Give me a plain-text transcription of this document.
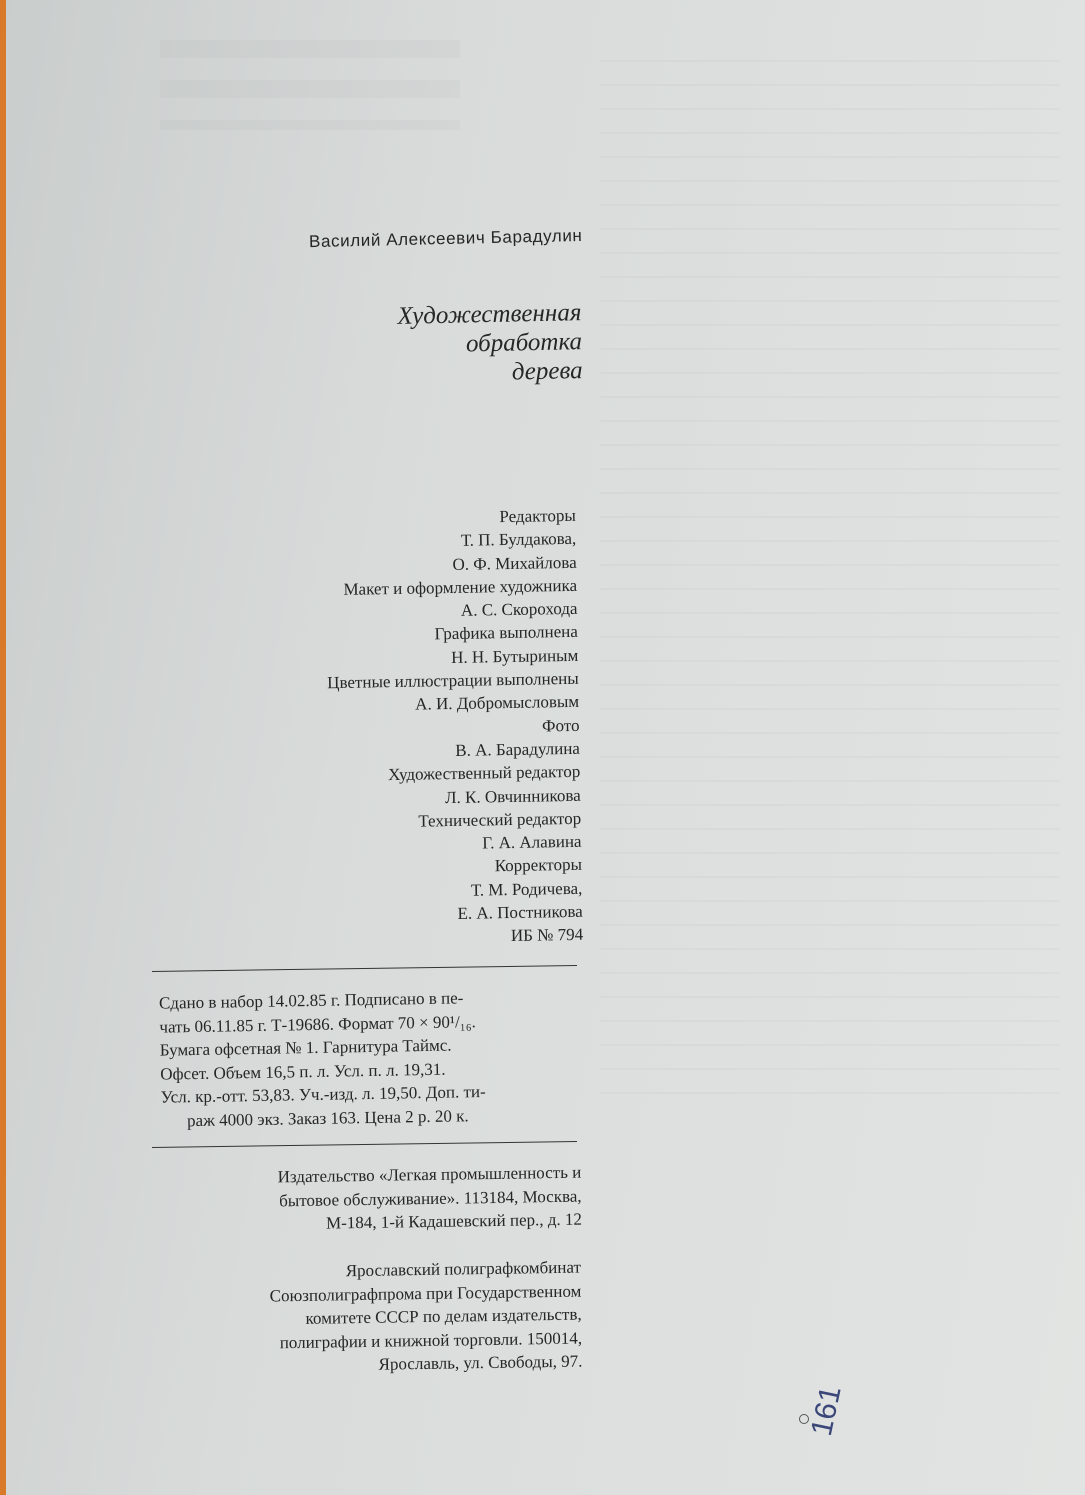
Василий Алексеевич Барадулин
Художественная
обработка
дерева
Редакторы
Т. П. Булдакова,
О. Ф. Михайлова
Макет и оформление художника
А. С. Скорохода
Графика выполнена
Н. Н. Бутыриным
Цветные иллюстрации выполнены
А. И. Добромысловым
Фото
В. А. Барадулина
Художественный редактор
Л. К. Овчинникова
Технический редактор
Г. А. Алавина
Корректоры
Т. М. Родичева,
Е. А. Постникова
ИБ № 794
Сдано в набор 14.02.85 г. Подписано в пе-
чать 06.11.85 г. Т-19686. Формат 70 × 90¹/₁₆.
Бумага офсетная № 1. Гарнитура Таймс.
Офсет. Объем 16,5 п. л. Усл. п. л. 19,31.
Усл. кр.-отт. 53,83. Уч.-изд. л. 19,50. Доп. ти-
раж 4000 экз. Заказ 163. Цена 2 р. 20 к.
Издательство «Легкая промышленность и
бытовое обслуживание». 113184, Москва,
М-184, 1-й Кадашевский пер., д. 12
Ярославский полиграфкомбинат
Союзполиграфпрома при Государственном
комитете СССР по делам издательств,
полиграфии и книжной торговли. 150014,
Ярославль, ул. Свободы, 97.
161
